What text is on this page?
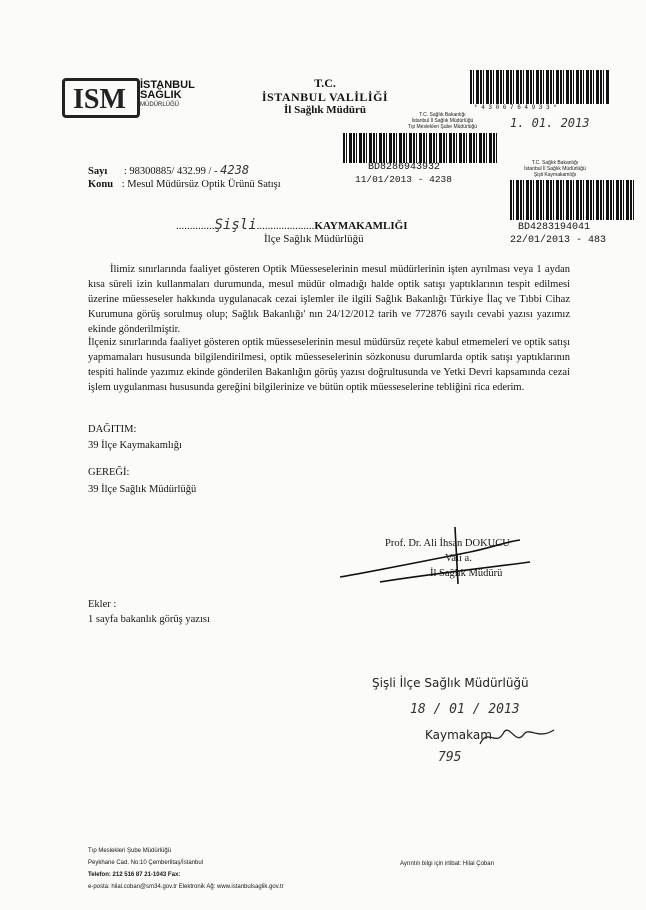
ISM İSTANBUL
SAĞLIK
MÜDÜRLÜĞÜ
T.C.
İSTANBUL VALİLİĞİ
İl Sağlık Müdürü	* 4 3 0 6 7 6 4 9 3 3 *
1. 01. 2013
T.C. Sağlık Bakanlığı
İstanbul İl Sağlık Müdürlüğü
Tıp Meslekleri Şube Müdürlüğü
BD8286943932
11/01/2013 - 4238
T.C. Sağlık Bakanlığı
İstanbul İl Sağlık Müdürlüğü
Şişli Kaymakamlığı
BD4283194041
22/01/2013 - 483
Sayı : 98300885/ 432.99 / - 4238
Konu : Mesul Müdürsüz Optik Ürünü Satışı
..............Şişli.....................KAYMAKAMLIĞI
İlçe Sağlık Müdürlüğü

İlimiz sınırlarında faaliyet gösteren Optik Müesseselerinin mesul müdürlerinin işten ayrılması veya 1 aydan kısa süreli izin kullanmaları durumunda, mesul müdür olmadığı halde optik satışı yaptıklarının tespit edilmesi üzerine müesseseler hakkında uygulanacak cezai işlemler ile ilgili Sağlık Bakanlığı Türkiye İlaç ve Tıbbi Cihaz Kurumuna görüş sorulmuş olup; Sağlık Bakanlığı' nın 24/12/2012 tarih ve 772876 sayılı cevabi yazısı yazımız ekinde gönderilmiştir.

İlçeniz sınırlarında faaliyet gösteren optik müesseselerinin mesul müdürsüz reçete kabul etmemeleri ve optik satışı yapmamaları hususunda bilgilendirilmesi, optik müesseselerinin sözkonusu durumlarda optik satışı yaptıklarının tespiti halinde yazımız ekinde gönderilen Bakanlığın görüş yazısı doğrultusunda ve Yetki Devri kapsamında cezai işlem uygulanması hususunda gereğini bilgilerinize ve bütün optik müesseselerine tebliğini rica ederim.

DAĞITIM:
39 İlçe Kaymakamlığı
GEREĞİ:
39 İlçe Sağlık Müdürlüğü
Prof. Dr. Ali İhsan DOKUCU
Vali a.
İl Sağlık Müdürü
Ekler :
1 sayfa bakanlık görüş yazısı
Şişli İlçe Sağlık Müdürlüğü
18 / 01 / 2013
Kaymakam
795
Tıp Meslekleri Şube Müdürlüğü
Peykhane Cad. No:10 Çemberlitaş/İstanbul
Telefon: 212 516 87 21-1043 Fax:
e-posta: hilal.coban@sm34.gov.tr Elektronik Ağ: www.istanbulsaglik.gov.tr
Ayrıntılı bilgi için irtibat: Hilal Çoban
